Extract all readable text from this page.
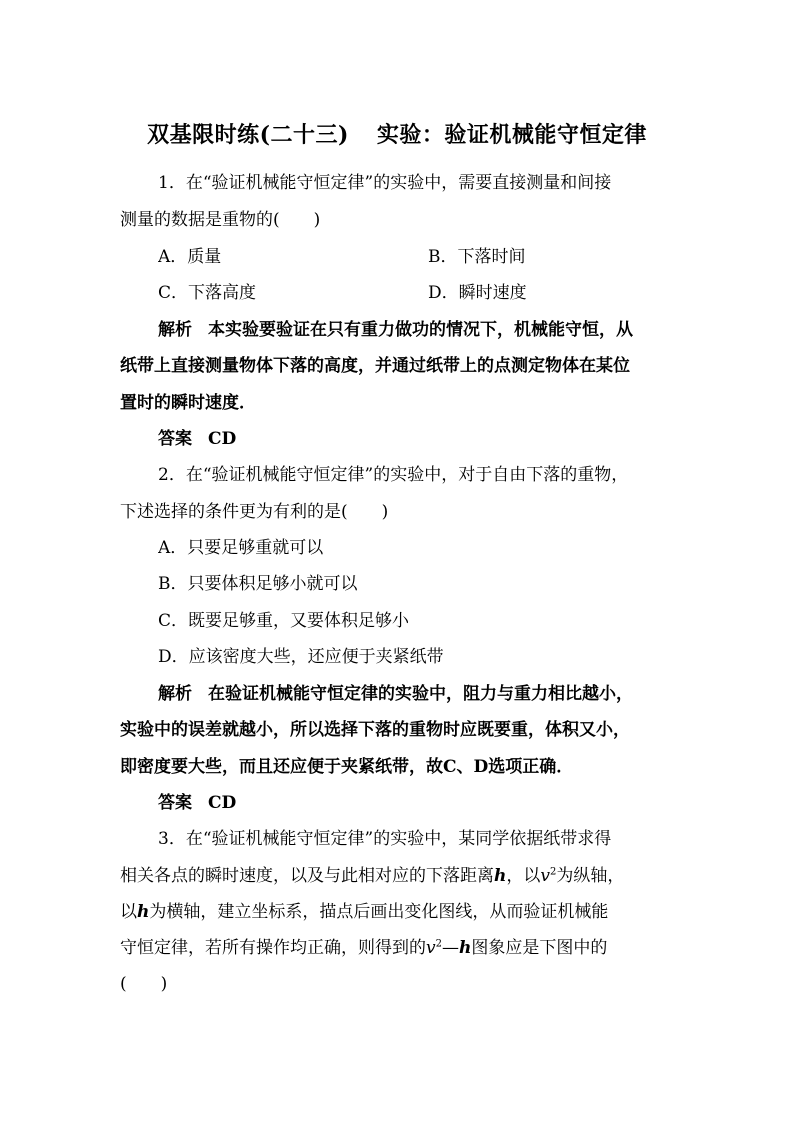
双基限时练(二十三) 实验：验证机械能守恒定律
1．在“验证机械能守恒定律”的实验中，需要直接测量和间接
测量的数据是重物的(　　)
A．质量	B．下落时间
C．下落高度	D．瞬时速度
解析 本实验要验证在只有重力做功的情况下，机械能守恒，从
纸带上直接测量物体下落的高度，并通过纸带上的点测定物体在某位
置时的瞬时速度．
答案 CD
2．在“验证机械能守恒定律”的实验中，对于自由下落的重物，
下述选择的条件更为有利的是(　　)
A．只要足够重就可以
B．只要体积足够小就可以
C．既要足够重，又要体积足够小
D．应该密度大些，还应便于夹紧纸带
解析 在验证机械能守恒定律的实验中，阻力与重力相比越小，
实验中的误差就越小，所以选择下落的重物时应既要重，体积又小，
即密度要大些，而且还应便于夹紧纸带，故C、D选项正确．
答案 CD
3．在“验证机械能守恒定律”的实验中，某同学依据纸带求得
相关各点的瞬时速度，以及与此相对应的下落距离h，以$v^2$为纵轴，
以h为横轴，建立坐标系，描点后画出变化图线，从而验证机械能
守恒定律，若所有操作均正确，则得到的$v^2—h$图象应是下图中的
(　　)
